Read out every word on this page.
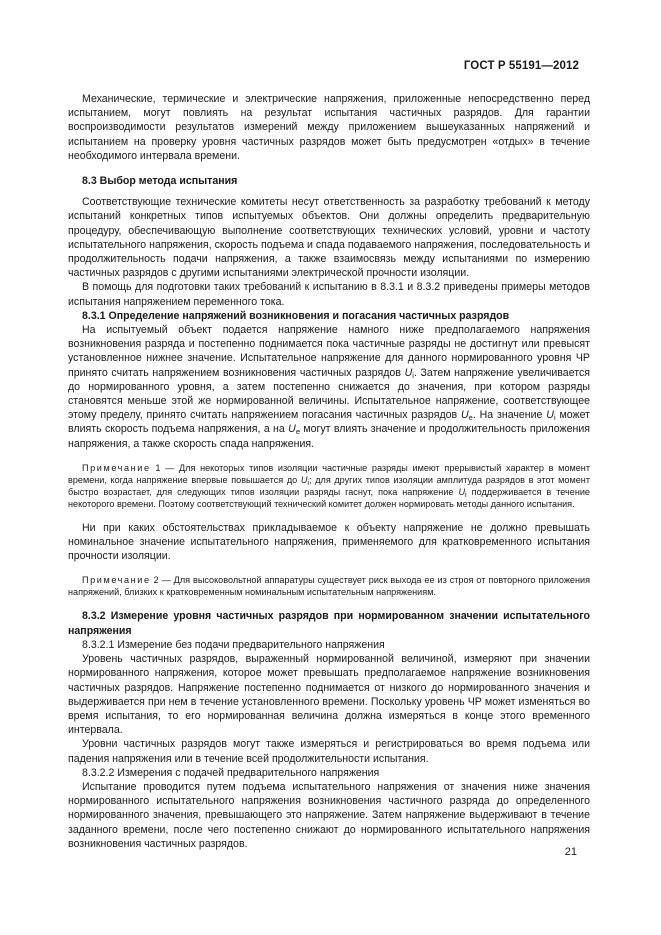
ГОСТ Р 55191—2012

Механические, термические и электрические напряжения, приложенные непосредственно перед испытанием, могут повлиять на результат испытания частичных разрядов. Для гарантии воспроизводимости результатов измерений между приложением вышеуказанных напряжений и испытанием на проверку уровня частичных разрядов может быть предусмотрен «отдых» в течение необходимого интервала времени.

8.3 Выбор метода испытания

Соответствующие технические комитеты несут ответственность за разработку требований к методу испытаний конкретных типов испытуемых объектов. Они должны определить предварительную процедуру, обеспечивающую выполнение соответствующих технических условий, уровни и частоту испытательного напряжения, скорость подъема и спада подаваемого напряжения, последовательность и продолжительность подачи напряжения, а также взаимосвязь между испытаниями по измерению частичных разрядов с другими испытаниями электрической прочности изоляции.

В помощь для подготовки таких требований к испытанию в 8.3.1 и 8.3.2 приведены примеры методов испытания напряжением переменного тока.

8.3.1 Определение напряжений возникновения и погасания частичных разрядов

На испытуемый объект подается напряжение намного ниже предполагаемого напряжения возникновения разряда и постепенно поднимается пока частичные разряды не достигнут или превысят установленное нижнее значение. Испытательное напряжение для данного нормированного уровня ЧР принято считать напряжением возникновения частичных разрядов $U_i$. Затем напряжение увеличивается до нормированного уровня, а затем постепенно снижается до значения, при котором разряды становятся меньше этой же нормированной величины. Испытательное напряжение, соответствующее этому пределу, принято считать напряжением погасания частичных разрядов $U_e$. На значение $U_i$ может влиять скорость подъема напряжения, а на $U_e$ могут влиять значение и продолжительность приложения напряжения, а также скорость спада напряжения.

Примечание 1 — Для некоторых типов изоляции частичные разряды имеют прерывистый характер в момент времени, когда напряжение впервые повышается до $U_i$; для других типов изоляции амплитуда разрядов в этот момент быстро возрастает, для следующих типов изоляции разряды гаснут, пока напряжение $U_i$ поддерживается в течение некоторого времени. Поэтому соответствующий технический комитет должен нормировать методы данного испытания.

Ни при каких обстоятельствах прикладываемое к объекту напряжение не должно превышать номинальное значение испытательного напряжения, применяемого для кратковременного испытания прочности изоляции.

Примечание 2 — Для высоковольтной аппаратуры существует риск выхода ее из строя от повторного приложения напряжений, близких к кратковременным номинальным испытательным напряжениям.

8.3.2 Измерение уровня частичных разрядов при нормированном значении испытательного напряжения

8.3.2.1 Измерение без подачи предварительного напряжения

Уровень частичных разрядов, выраженный нормированной величиной, измеряют при значении нормированного напряжения, которое может превышать предполагаемое напряжение возникновения частичных разрядов. Напряжение постепенно поднимается от низкого до нормированного значения и выдерживается при нем в течение установленного времени. Поскольку уровень ЧР может изменяться во время испытания, то его нормированная величина должна измеряться в конце этого временного интервала.

Уровни частичных разрядов могут также измеряться и регистрироваться во время подъема или падения напряжения или в течение всей продолжительности испытания.

8.3.2.2 Измерения с подачей предварительного напряжения

Испытание проводится путем подъема испытательного напряжения от значения ниже значения нормированного испытательного напряжения возникновения частичного разряда до определенного нормированного значения, превышающего это напряжение. Затем напряжение выдерживают в течение заданного времени, после чего постепенно снижают до нормированного испытательного напряжения возникновения частичных разрядов.

21
